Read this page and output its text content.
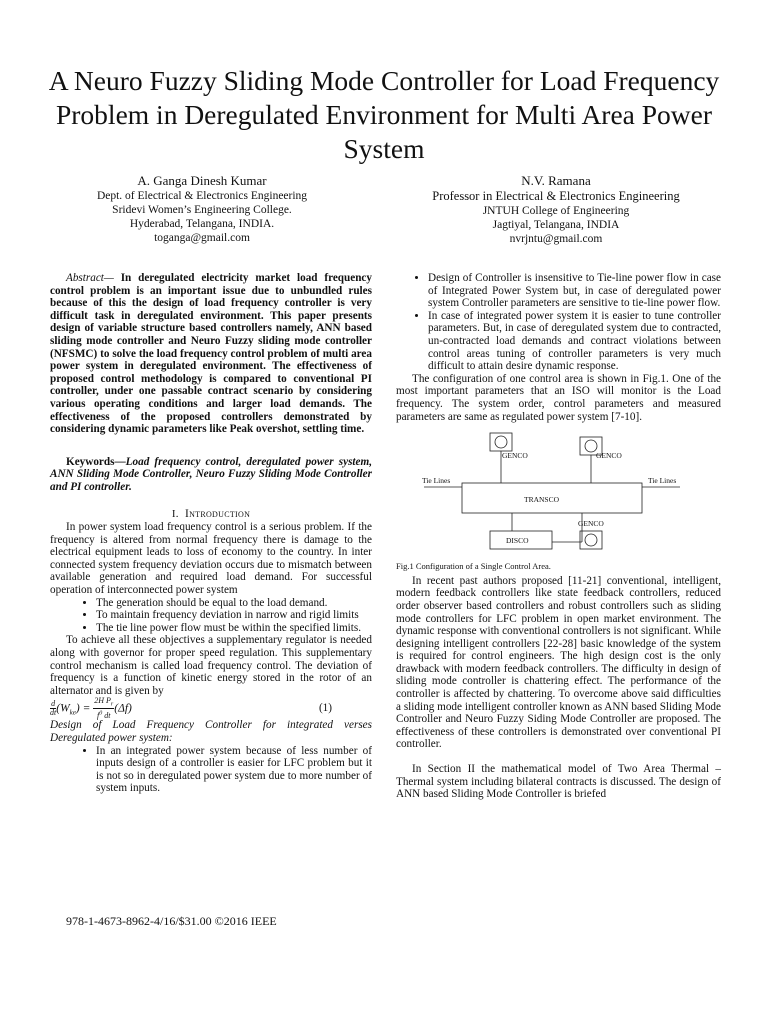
A Neuro Fuzzy Sliding Mode Controller for Load Frequency Problem in Deregulated Environment for Multi Area Power System
A. Ganga Dinesh Kumar
Dept. of Electrical & Electronics Engineering
Sridevi Women’s Engineering College.
Hyderabad, Telangana, INDIA.
toganga@gmail.com
N.V. Ramana
Professor in Electrical & Electronics Engineering
JNTUH College of Engineering
Jagtiyal, Telangana, INDIA
nvrjntu@gmail.com

Abstract— In deregulated electricity market load frequency control problem is an important issue due to unbundled rules because of this the design of load frequency controller is very difficult task in deregulated environment. This paper presents design of variable structure based controllers namely, ANN based sliding mode controller and Neuro Fuzzy sliding mode controller (NFSMC) to solve the load frequency control problem of multi area power system in deregulated environment. The effectiveness of proposed control methodology is compared to conventional PI controller, under one passable contract scenario by considering various operating conditions and larger load demands. The effectiveness of the proposed controllers demonstrated by considering dynamic parameters like Peak overshot, settling time.

Keywords—Load frequency control, deregulated power system, ANN Sliding Mode Controller, Neuro Fuzzy Sliding Mode Controller and PI controller.

I. Introduction

In power system load frequency control is a serious problem. If the frequency is altered from normal frequency there is damage to the electrical equipment leads to loss of economy to the country. In inter connected system frequency deviation occurs due to mismatch between available generation and required load demand. For successful operation of interconnected power system

• The generation should be equal to the load demand.
• To maintain frequency deviation in narrow and rigid limits
• The tie line power flow must be within the specified limits.

To achieve all these objectives a supplementary regulator is needed along with governor for proper speed regulation. This supplementary control mechanism is called load frequency control. The deviation of frequency is a function of kinetic energy stored in the rotor of an alternator and is given by

$\frac{d}{dt}(W_{ke}) = \frac{2H P_r}{f^0 dt}(\Delta f)$	(1)

Design of Load Frequency Controller for integrated verses Deregulated power system:

• In an integrated power system because of less number of inputs design of a controller is easier for LFC problem but it is not so in deregulated power system due to more number of system inputs.
• Design of Controller is insensitive to Tie-line power flow in case of Integrated Power System but, in case of deregulated power system Controller parameters are sensitive to tie-line power flow.
• In case of integrated power system it is easier to tune controller parameters. But, in case of deregulated system due to contracted, un-contracted load demands and contract violations between control areas tuning of controller parameters is very much difficult to attain desire dynamic response.

The configuration of one control area is shown in Fig.1. One of the most important parameters that an ISO will monitor is the Load frequency. The system order, control parameters and measured parameters are same as regulated power system [7-10].

GENCO	GENCO
TRANSCO
DISCO
GENCO
Tie Lines	Tie Lines

Fig.1 Configuration of a Single Control Area.

In recent past authors proposed [11-21] conventional, intelligent, modern feedback controllers like state feedback controllers, reduced order observer based controllers and robust controllers such as sliding mode controllers for LFC problem in open market environment. The dynamic response with conventional controllers is not significant. While designing intelligent controllers [22-28] basic knowledge of the system is required for control engineers. The high design cost is the only drawback with modern feedback controllers. The difficulty in design of sliding mode controller is chattering effect. The performance of the controller is affected by chattering. To overcome above said difficulties a sliding mode intelligent controller known as ANN based Sliding Mode Controller and Neuro Fuzzy Siding Mode Controller are proposed. The effectiveness of these controllers is demonstrated over conventional PI controller.

In Section II the mathematical model of Two Area Thermal – Thermal system including bilateral contracts is discussed. The design of ANN based Sliding Mode Controller is briefed

978-1-4673-8962-4/16/$31.00 ©2016 IEEE
